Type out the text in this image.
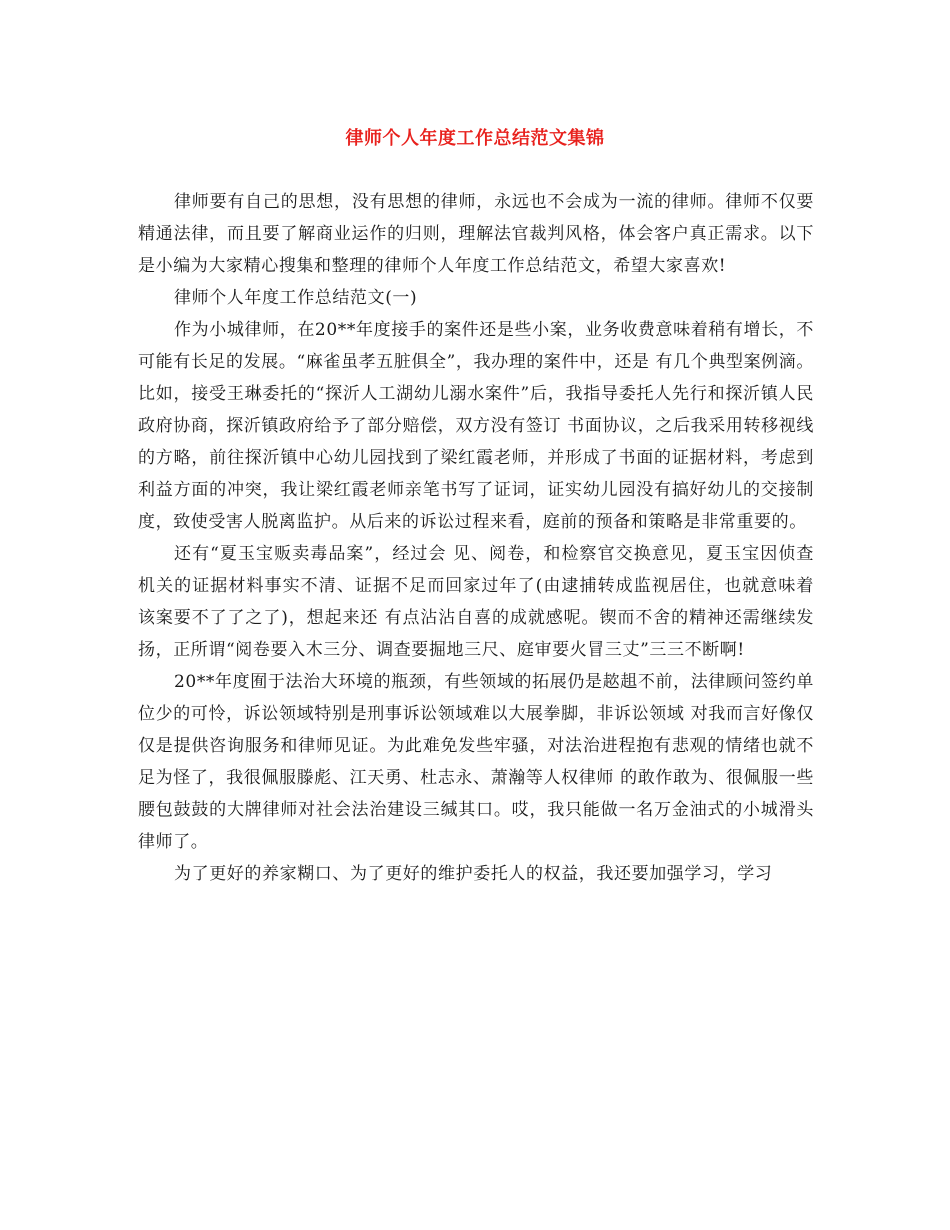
律师个人年度工作总结范文集锦

律师要有自己的思想，没有思想的律师，永远也不会成为一流的律师。律师不仅要精通法律，而且要了解商业运作的归则，理解法官裁判风格，体会客户真正需求。以下是小编为大家精心搜集和整理的律师个人年度工作总结范文，希望大家喜欢!

律师个人年度工作总结范文(一)

作为小城律师，在20**年度接手的案件还是些小案，业务收费意味着稍有增长，不可能有长足的发展。“麻雀虽孝五脏俱全”，我办理的案件中，还是 有几个典型案例滴。比如，接受王琳委托的“探沂人工湖幼儿溺水案件”后，我指导委托人先行和探沂镇人民政府协商，探沂镇政府给予了部分赔偿，双方没有签订 书面协议，之后我采用转移视线的方略，前往探沂镇中心幼儿园找到了梁红霞老师，并形成了书面的证据材料，考虑到利益方面的冲突，我让梁红霞老师亲笔书写了证词，证实幼儿园没有搞好幼儿的交接制度，致使受害人脱离监护。从后来的诉讼过程来看，庭前的预备和策略是非常重要的。

还有“夏玉宝贩卖毒品案”，经过会 见、阅卷，和检察官交换意见，夏玉宝因侦查机关的证据材料事实不清、证据不足而回家过年了(由逮捕转成监视居住，也就意味着该案要不了了之了)，想起来还 有点沾沾自喜的成就感呢。锲而不舍的精神还需继续发扬，正所谓“阅卷要入木三分、调查要掘地三尺、庭审要火冒三丈”三三不断啊!

20**年度囿于法治大环境的瓶颈，有些领域的拓展仍是趑趄不前，法律顾问签约单位少的可怜，诉讼领域特别是刑事诉讼领域难以大展拳脚，非诉讼领域 对我而言好像仅仅是提供咨询服务和律师见证。为此难免发些牢骚，对法治进程抱有悲观的情绪也就不足为怪了，我很佩服滕彪、江天勇、杜志永、萧瀚等人权律师 的敢作敢为、很佩服一些腰包鼓鼓的大牌律师对社会法治建设三缄其口。哎，我只能做一名万金油式的小城滑头律师了。

为了更好的养家糊口、为了更好的维护委托人的权益，我还要加强学习，学习
